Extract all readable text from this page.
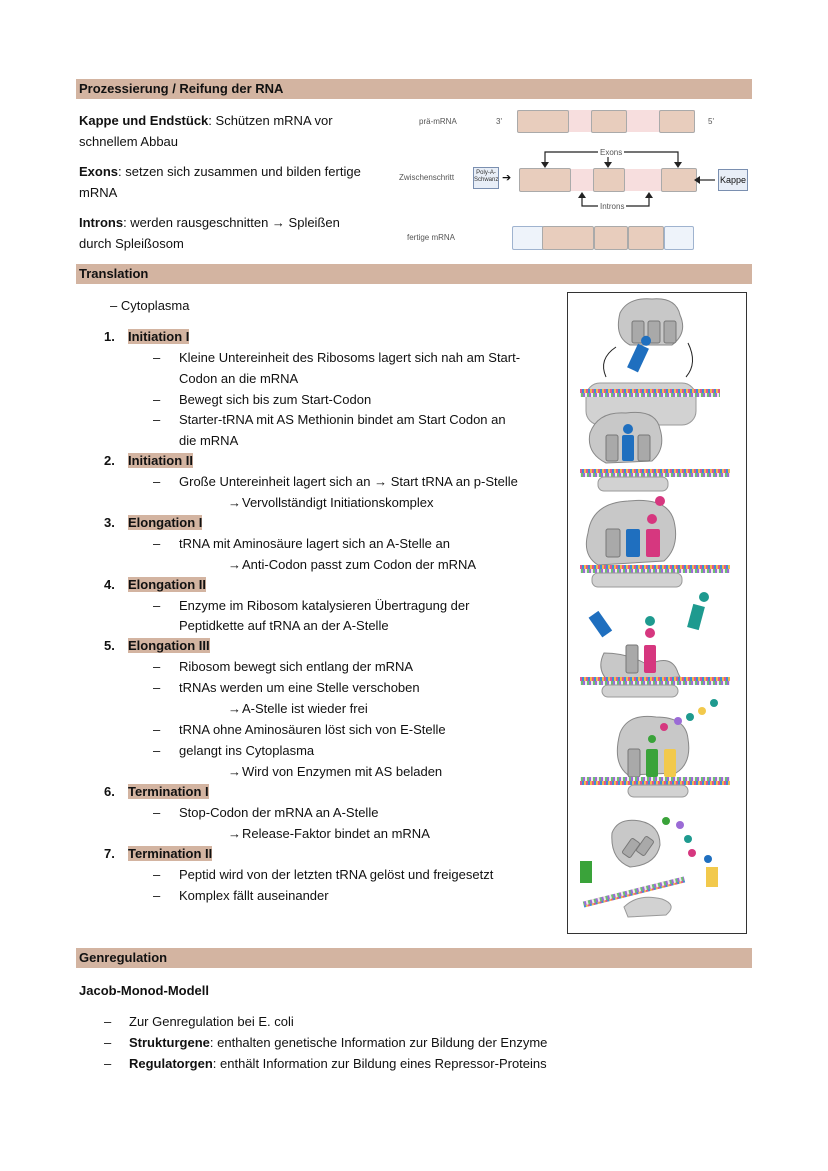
Prozessierung / Reifung der RNA
Kappe und Endstück: Schützen mRNA vor
schnellem Abbau
Exons: setzen sich zusammen und bilden fertige
mRNA
Introns: werden rausgeschnitten → Spleißen
durch Spleißosom
prä-mRNA	3'	5'
Zwischenschritt	Poly-A-Schwanz ➔
Exons
Introns
Kappe
fertige mRNA
Translation
– Cytoplasma
1. Initiation I
2. Initiation II
3. Elongation I
4. Elongation II
5. Elongation III
6. Termination I
7. Termination II
– Kleine Untereinheit des Ribosoms lagert sich nah am Start-
Codon an die mRNA
– Bewegt sich bis zum Start-Codon
– Starter-tRNA mit AS Methionin bindet am Start Codon an
die mRNA
– Große Untereinheit lagert sich an → Start tRNA an p-Stelle
→ Vervollständigt Initiationskomplex
– tRNA mit Aminosäure lagert sich an A-Stelle an
→ Anti-Codon passt zum Codon der mRNA
– Enzyme im Ribosom katalysieren Übertragung der
Peptidkette auf tRNA an der A-Stelle
– Ribosom bewegt sich entlang der mRNA
– tRNAs werden um eine Stelle verschoben
→ A-Stelle ist wieder frei
– tRNA ohne Aminosäuren löst sich von E-Stelle
– gelangt ins Cytoplasma
→ Wird von Enzymen mit AS beladen
– Stop-Codon der mRNA an A-Stelle
→ Release-Faktor bindet an mRNA
– Peptid wird von der letzten tRNA gelöst und freigesetzt
– Komplex fällt auseinander
Genregulation
Jacob-Monod-Modell
– Zur Genregulation bei E. coli
– Strukturgene: enthalten genetische Information zur Bildung der Enzyme
– Regulatorgen: enthält Information zur Bildung eines Repressor-Proteins
